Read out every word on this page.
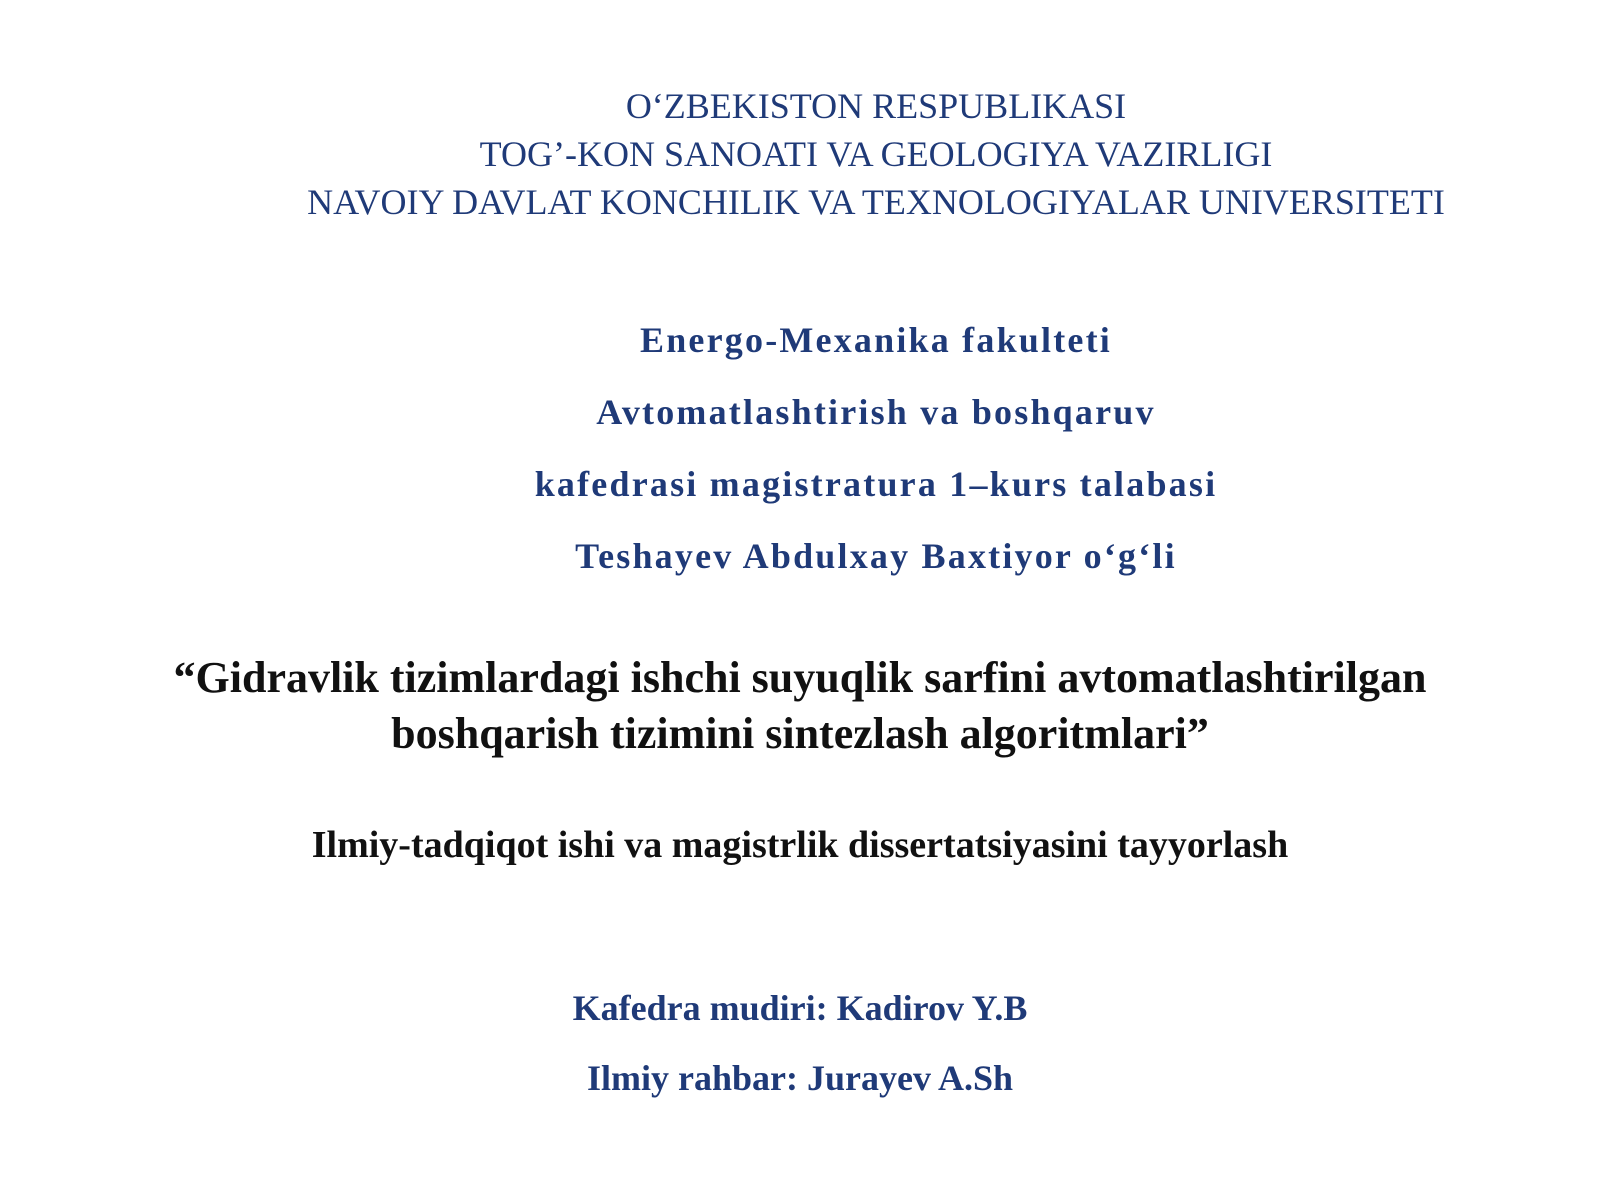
O‘ZBEKISTON RESPUBLIKASI
TOG’-KON SANOATI VA GEOLOGIYA VAZIRLIGI
NAVOIY DAVLAT KONCHILIK VA TEXNOLOGIYALAR UNIVERSITETI
Energo-Mexanika fakulteti
Avtomatlashtirish va boshqaruv
kafedrasi magistratura 1–kurs talabasi
Teshayev Abdulxay Baxtiyor o‘g‘li
“Gidravlik tizimlardagi ishchi suyuqlik sarfini avtomatlashtirilgan
boshqarish tizimini sintezlash algoritmlari”
Ilmiy-tadqiqot ishi va magistrlik dissertatsiyasini tayyorlash
Kafedra mudiri: Kadirov Y.B
Ilmiy rahbar: Jurayev A.Sh
